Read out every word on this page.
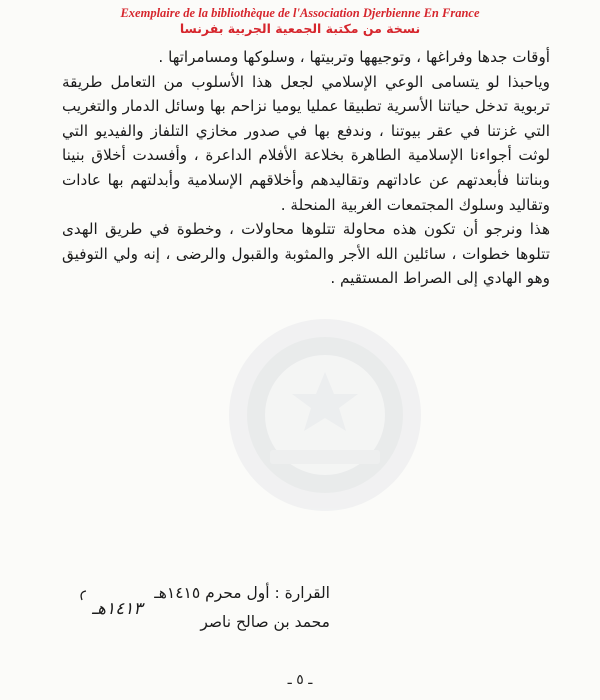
Exemplaire de la bibliothèque de l'Association Djerbienne En France
نسخة من مكتبة الجمعية الجربية بفرنسا

أوقات جدها وفراغها ، وتوجيهها وتربيتها ، وسلوكها ومسامراتها .

وياحبذا لو يتسامى الوعي الإسلامي لجعل هذا الأسلوب من التعامل طريقة تربوية تدخل حياتنا الأسرية تطبيقا عمليا يوميا نزاحم بها وسائل الدمار والتغريب التي غزتنا في عقر بيوتنا ، وندفع بها في صدور مخازي التلفاز والفيديو التي لوثت أجواءنا الإسلامية الطاهرة بخلاعة الأفلام الداعرة ، وأفسدت أخلاق بنينا وبناتنا فأبعدتهم عن عاداتهم وتقاليدهم وأخلاقهم الإسلامية وأبدلتهم بها عادات وتقاليد وسلوك المجتمعات الغربية المنحلة .

هذا ونرجو أن تكون هذه محاولة تتلوها محاولات ، وخطوة في طريق الهدى تتلوها خطوات ، سائلين الله الأجر والمثوبة والقبول والرضى ، إنه ولي التوفيق وهو الهادي إلى الصراط المستقيم .

القرارة : أول محرم ١٤١٥هـ
محمد بن صالح ناصر
١٤١٣هـ
ـ ٥ ـ
